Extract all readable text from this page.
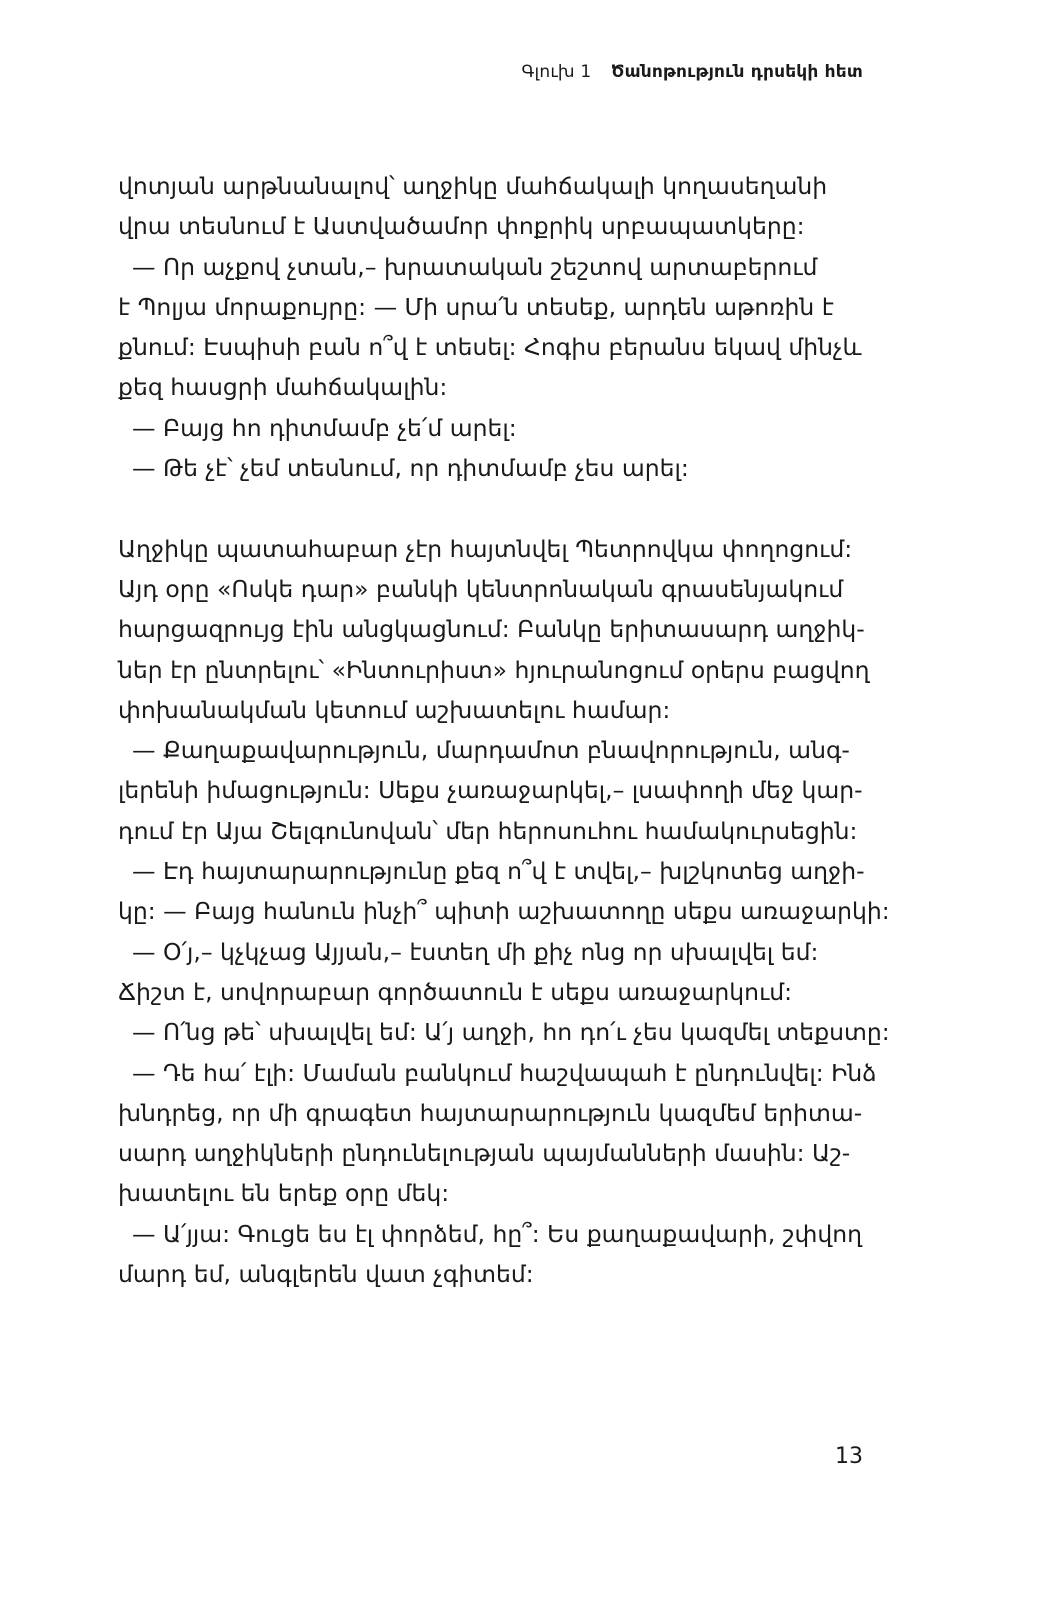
Գլուխ 1 Ծանոթություն դրսեկի հետ
վոտյան արթնանալով՝ աղջիկը մահճակալի կողասեղանի
վրա տեսնում է Աստվածամոր փոքրիկ սրբապատկերը:
— Որ աչքով չտան,– խրատական շեշտով արտաբերում
է Պոլյա մորաքույրը: — Մի սրա՛ն տեսեք, արդեն աթոռին է
քնում: Էսպիսի բան ո՞վ է տեսել: Հոգիս բերանս եկավ մինչև
քեզ հասցրի մահճակալին:
— Բայց հո դիտմամբ չե՛մ արել:
— Թե չէ՝ չեմ տեսնում, որ դիտմամբ չես արել:
Աղջիկը պատահաբար չէր հայտնվել Պետրովկա փողոցում:
Այդ օրը «Ոսկե դար» բանկի կենտրոնական գրասենյակում
հարցազրույց էին անցկացնում: Բանկը երիտասարդ աղջիկ-
ներ էր ընտրելու՝ «Ինտուրիստ» հյուրանոցում օրերս բացվող
փոխանակման կետում աշխատելու համար:
— Քաղաքավարություն, մարդամոտ բնավորություն, անգ-
լերենի իմացություն: Սեքս չառաջարկել,– լսափողի մեջ կար-
դում էր Այա Շելգունովան՝ մեր հերոսուհու համակուրսեցին:
— Էդ հայտարարությունը քեզ ո՞վ է տվել,– խլշկոտեց աղջի-
կը: — Բայց հանուն ինչի՞ պիտի աշխատողը սեքս առաջարկի:
— Օ՛յ,– կչկչաց Այյան,– էստեղ մի քիչ ոնց որ սխալվել եմ:
Ճիշտ է, սովորաբար գործատուն է սեքս առաջարկում:
— Ո՛նց թե՝ սխալվել եմ: Ա՛յ աղջի, հո դո՛ւ չես կազմել տեքստը:
— Դե հա՛ էլի: Մաման բանկում հաշվապահ է ընդունվել: Ինձ
խնդրեց, որ մի գրագետ հայտարարություն կազմեմ երիտա-
սարդ աղջիկների ընդունելության պայմանների մասին: Աշ-
խատելու են երեք օրը մեկ:
— Ա՛յյա: Գուցե ես էլ փորձեմ, հը՞: Ես քաղաքավարի, շփվող
մարդ եմ, անգլերեն վատ չգիտեմ:
13
